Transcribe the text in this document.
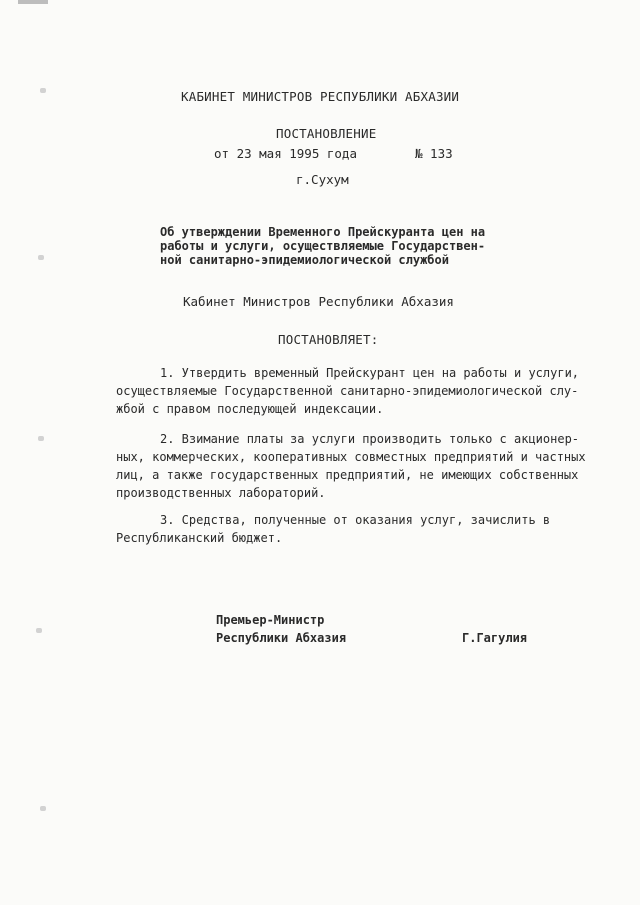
КАБИНЕТ МИНИСТРОВ РЕСПУБЛИКИ АБХАЗИИ
ПОСТАНОВЛЕНИЕ
от 23 мая 1995 года	№ 133
г.Сухум
Об утверждении Временного Прейскуранта цен на
работы и услуги, осуществляемые Государствен-
ной санитарно-эпидемиологической службой
Кабинет Министров Республики Абхазия
ПОСТАНОВЛЯЕТ:
1. Утвердить временный Прейскурант цен на работы и услуги,
осуществляемые Государственной санитарно-эпидемиологической слу-
жбой с правом последующей индексации.
2. Взимание платы за услуги производить только с акционер-
ных, коммерческих, кооперативных совместных предприятий и частных
лиц, а также государственных предприятий, не имеющих собственных
производственных лабораторий.
3. Средства, полученные от оказания услуг, зачислить в
Республиканский бюджет.
Премьер-Министр
Республики Абхазия	Г.Гагулия
